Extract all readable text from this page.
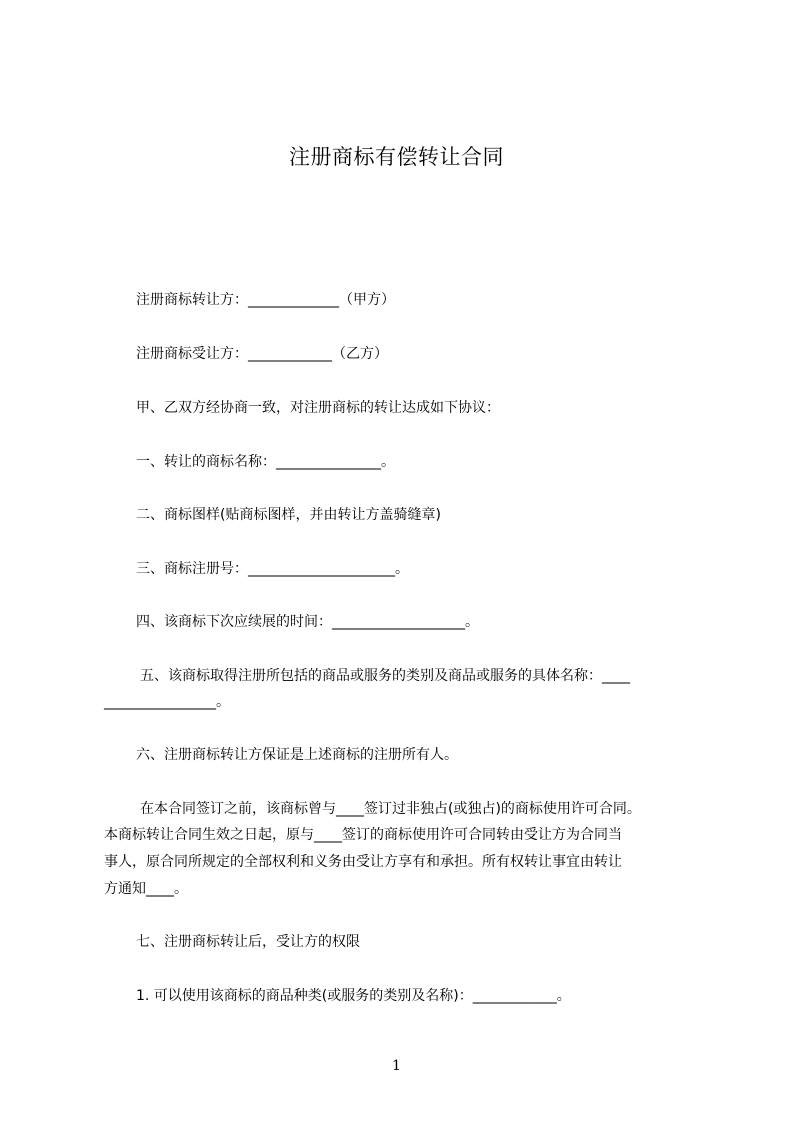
注册商标有偿转让合同
注册商标转让方：_____________（甲方）
注册商标受让方：____________（乙方）
甲、乙双方经协商一致，对注册商标的转让达成如下协议：
一、转让的商标名称：_______________。
二、商标图样(贴商标图样，并由转让方盖骑缝章)
三、商标注册号：_____________________。
四、该商标下次应续展的时间：___________________。
五、该商标取得注册所包括的商品或服务的类别及商品或服务的具体名称：____
________________。
六、注册商标转让方保证是上述商标的注册所有人。
在本合同签订之前，该商标曾与____签订过非独占(或独占)的商标使用许可合同。
本商标转让合同生效之日起，原与____签订的商标使用许可合同转由受让方为合同当
事人，原合同所规定的全部权利和义务由受让方享有和承担。所有权转让事宜由转让
方通知____。
七、注册商标转让后，受让方的权限
1. 可以使用该商标的商品种类(或服务的类别及名称)：____________。
1
